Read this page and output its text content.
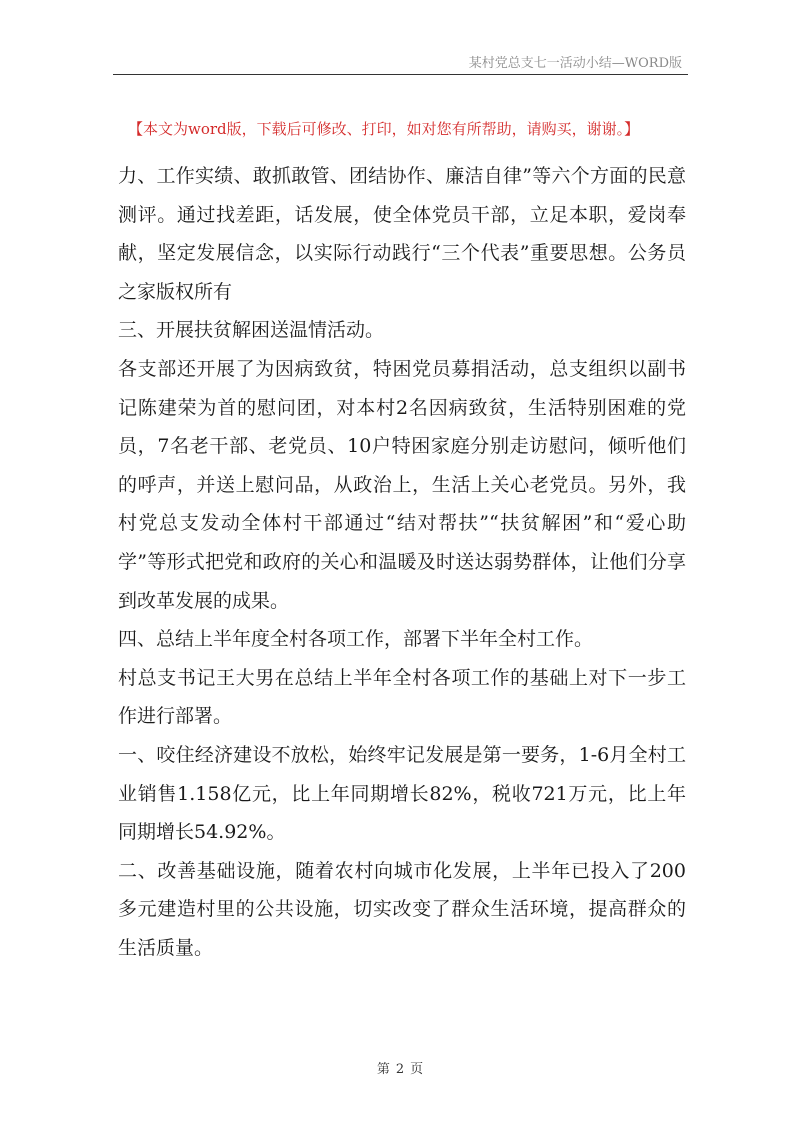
某村党总支七一活动小结—WORD版
【本文为word版，下载后可修改、打印，如对您有所帮助，请购买，谢谢。】

力、工作实绩、敢抓敢管、团结协作、廉洁自律”等六个方面的民意测评。通过找差距，话发展，使全体党员干部，立足本职，爱岗奉献，坚定发展信念，以实际行动践行“三个代表”重要思想。公务员之家版权所有

三、开展扶贫解困送温情活动。

各支部还开展了为因病致贫，特困党员募捐活动，总支组织以副书记陈建荣为首的慰问团，对本村2名因病致贫，生活特别困难的党员，7名老干部、老党员、10户特困家庭分别走访慰问，倾听他们的呼声，并送上慰问品，从政治上，生活上关心老党员。另外，我村党总支发动全体村干部通过“结对帮扶”“扶贫解困”和“爱心助学”等形式把党和政府的关心和温暖及时送达弱势群体，让他们分享到改革发展的成果。

四、总结上半年度全村各项工作，部署下半年全村工作。

村总支书记王大男在总结上半年全村各项工作的基础上对下一步工作进行部署。

一、咬住经济建设不放松，始终牢记发展是第一要务，1-6月全村工业销售1.158亿元，比上年同期增长82%，税收721万元，比上年同期增长54.92%。

二、改善基础设施，随着农村向城市化发展，上半年已投入了200多元建造村里的公共设施，切实改变了群众生活环境，提高群众的生活质量。

第 2 页
